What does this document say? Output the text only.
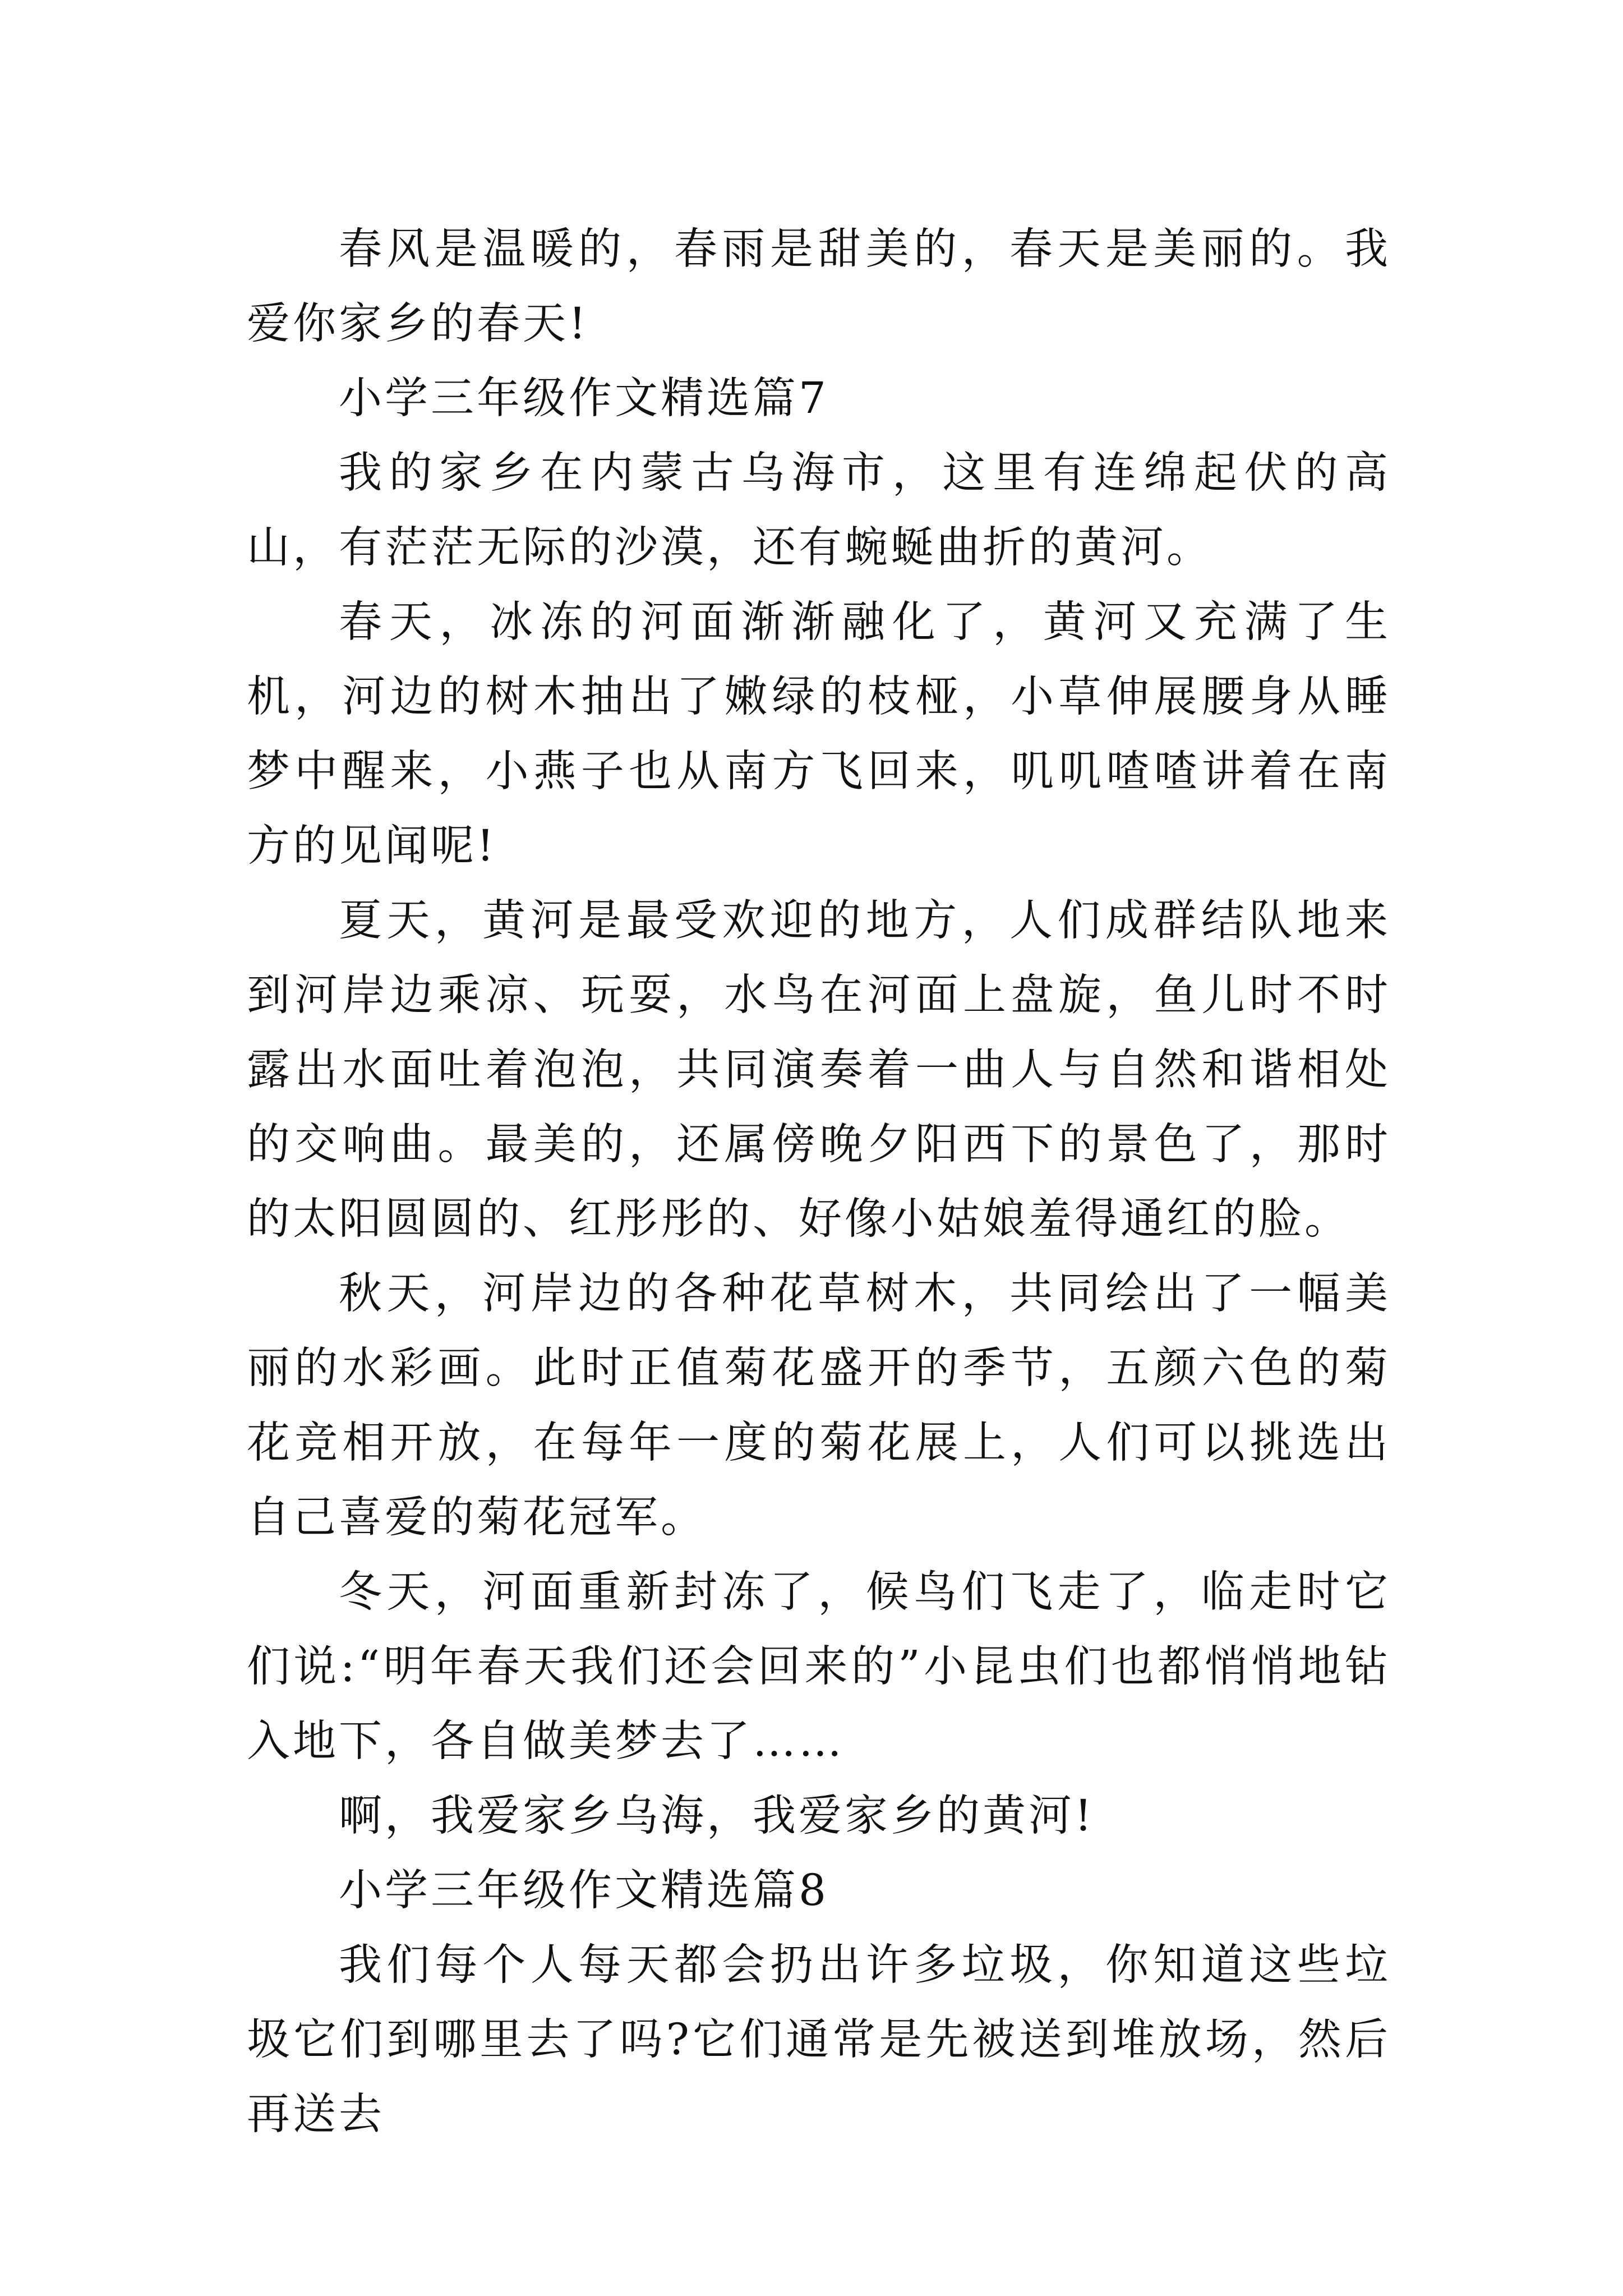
春风是温暖的，春雨是甜美的，春天是美丽的。我爱你家乡的春天!

小学三年级作文精选篇7

我的家乡在内蒙古乌海市，这里有连绵起伏的高山，有茫茫无际的沙漠，还有蜿蜒曲折的黄河。

春天，冰冻的河面渐渐融化了，黄河又充满了生机，河边的树木抽出了嫩绿的枝桠，小草伸展腰身从睡梦中醒来，小燕子也从南方飞回来，叽叽喳喳讲着在南方的见闻呢!

夏天，黄河是最受欢迎的地方，人们成群结队地来到河岸边乘凉、玩耍，水鸟在河面上盘旋，鱼儿时不时露出水面吐着泡泡，共同演奏着一曲人与自然和谐相处的交响曲。最美的，还属傍晚夕阳西下的景色了，那时的太阳圆圆的、红彤彤的、好像小姑娘羞得通红的脸。

秋天，河岸边的各种花草树木，共同绘出了一幅美丽的水彩画。此时正值菊花盛开的季节，五颜六色的菊花竞相开放，在每年一度的菊花展上，人们可以挑选出自己喜爱的菊花冠军。

冬天，河面重新封冻了，候鸟们飞走了，临走时它们说:“明年春天我们还会回来的”小昆虫们也都悄悄地钻入地下，各自做美梦去了……

啊，我爱家乡乌海，我爱家乡的黄河!

小学三年级作文精选篇8

我们每个人每天都会扔出许多垃圾，你知道这些垃圾它们到哪里去了吗?它们通常是先被送到堆放场，然后再送去
